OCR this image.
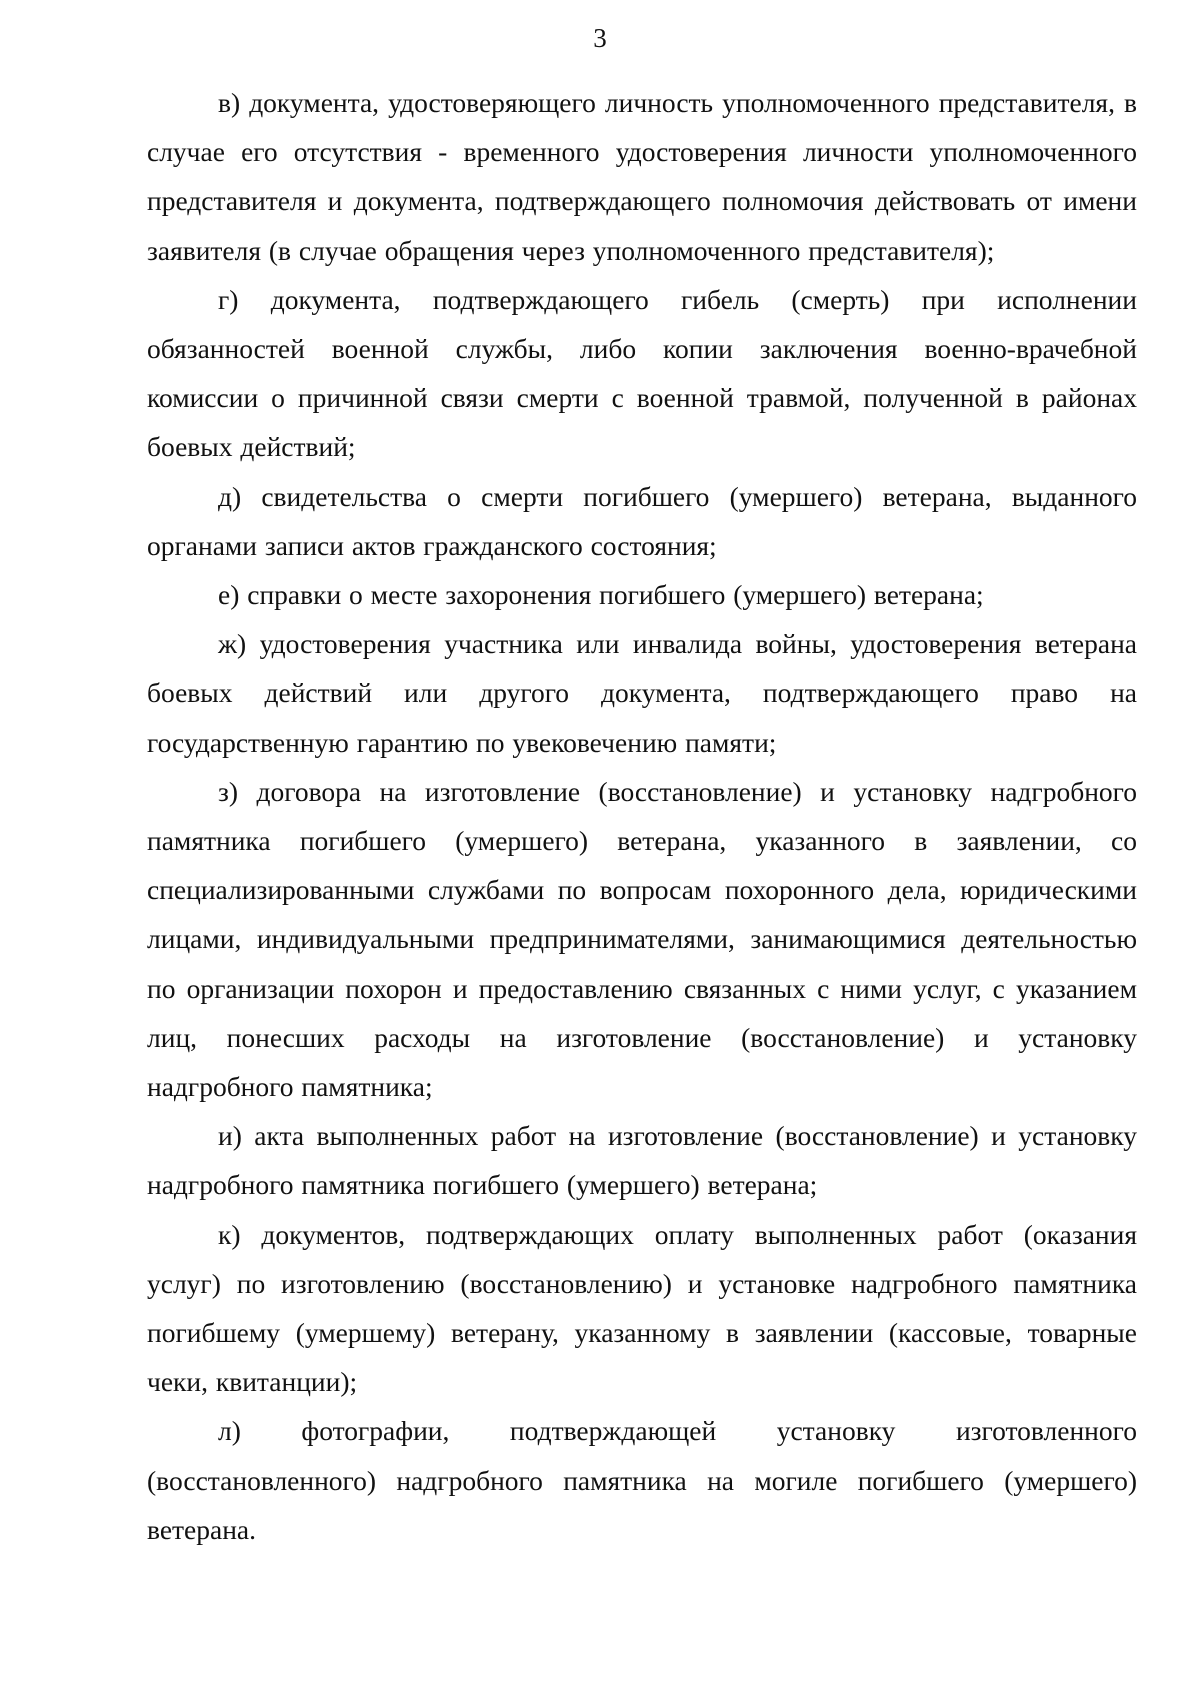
3

в) документа, удостоверяющего личность уполномоченного представителя, в случае его отсутствия - временного удостоверения личности уполномоченного представителя и документа, подтверждающего полномочия действовать от имени заявителя (в случае обращения через уполномоченного представителя);

г) документа, подтверждающего гибель (смерть) при исполнении обязанностей военной службы, либо копии заключения военно-врачебной комиссии о причинной связи смерти с военной травмой, полученной в районах боевых действий;

д) свидетельства о смерти погибшего (умершего) ветерана, выданного органами записи актов гражданского состояния;

е) справки о месте захоронения погибшего (умершего) ветерана;

ж) удостоверения участника или инвалида войны, удостоверения ветерана боевых действий или другого документа, подтверждающего право на государственную гарантию по увековечению памяти;

з) договора на изготовление (восстановление) и установку надгробного памятника погибшего (умершего) ветерана, указанного в заявлении, со специализированными службами по вопросам похоронного дела, юридическими лицами, индивидуальными предпринимателями, занимающимися деятельностью по организации похорон и предоставлению связанных с ними услуг, с указанием лиц, понесших расходы на изготовление (восстановление) и установку надгробного памятника;

и) акта выполненных работ на изготовление (восстановление) и установку надгробного памятника погибшего (умершего) ветерана;

к) документов, подтверждающих оплату выполненных работ (оказания услуг) по изготовлению (восстановлению) и установке надгробного памятника погибшему (умершему) ветерану, указанному в заявлении (кассовые, товарные чеки, квитанции);

л) фотографии, подтверждающей установку изготовленного (восстановленного) надгробного памятника на могиле погибшего (умершего) ветерана.
